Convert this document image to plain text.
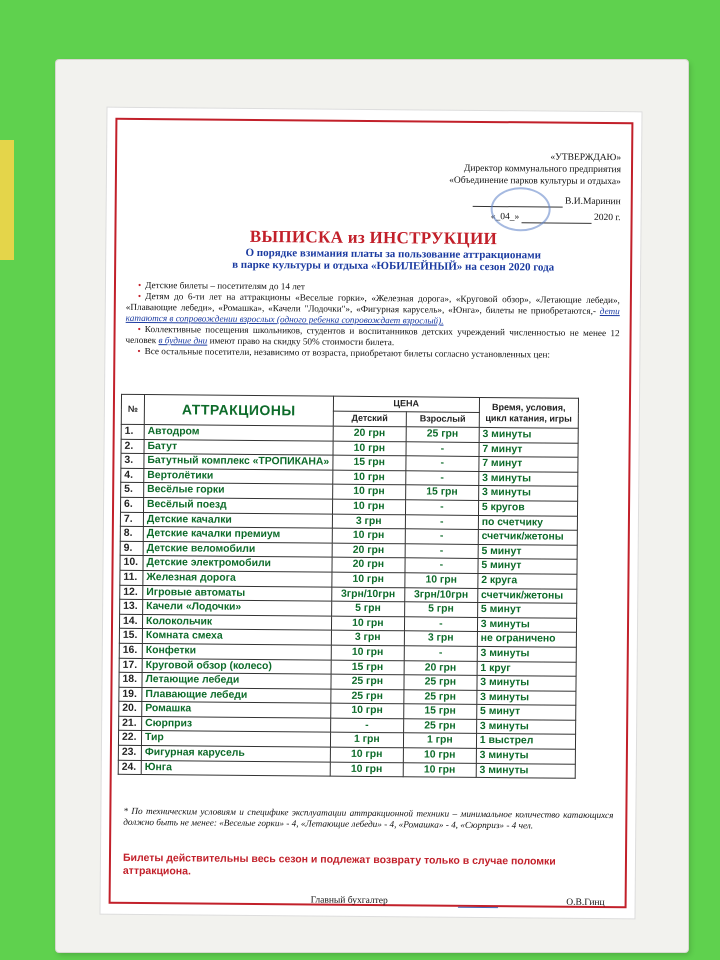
«УТВЕРЖДАЮ»
Директор коммунального предприятия
«Объединение парков культуры и отдыха»
В.И.Маринин
«_04_»	2020 г.
ВЫПИСКА из ИНСТРУКЦИИ
О порядке взимания платы за пользование аттракционами
в парке культуры и отдыха «ЮБИЛЕЙНЫЙ» на сезон 2020 года

• Детские билеты – посетителям до 14 лет

• Детям до 6-ти лет на аттракционы «Веселые горки», «Железная дорога», «Круговой обзор», «Летающие лебеди», «Плавающие лебеди», «Ромашка», «Качели "Лодочки"», «Фигурная карусель», «Юнга», билеты не приобретаются,- дети катаются в сопровождении взрослых (одного ребенка сопровождает взрослый).

• Коллективные посещения школьников, студентов и воспитанников детских учреждений численностью не менее 12 человек в будние дни имеют право на скидку 50% стоимости билета.

• Все остальные посетители, независимо от возраста, приобретают билеты согласно установленных цен:

№	АТТРАКЦИОНЫ	ЦЕНА		Время, условия, цикл катания, игры
		Детский	Взрослый	
1.	Автодром	20 грн	25 грн	3 минуты
2.	Батут	10 грн	-	7 минут
3.	Батутный комплекс «ТРОПИКАНА»	15 грн	-	7 минут
4.	Вертолётики	10 грн	-	3 минуты
5.	Весёлые горки	10 грн	15 грн	3 минуты
6.	Весёлый поезд	10 грн	-	5 кругов
7.	Детские качалки	3 грн	-	по счетчику
8.	Детские качалки премиум	10 грн	-	счетчик/жетоны
9.	Детские веломобили	20 грн	-	5 минут
10.	Детские электромобили	20 грн	-	5 минут
11.	Железная дорога	10 грн	10 грн	2 круга
12.	Игровые автоматы	3грн/10грн	3грн/10грн	счетчик/жетоны
13.	Качели «Лодочки»	5 грн	5 грн	5 минут
14.	Колокольчик	10 грн	-	3 минуты
15.	Комната смеха	3 грн	3 грн	не ограничено
16.	Конфетки	10 грн	-	3 минуты
17.	Круговой обзор (колесо)	15 грн	20 грн	1 круг
18.	Летающие лебеди	25 грн	25 грн	3 минуты
19.	Плавающие лебеди	25 грн	25 грн	3 минуты
20.	Ромашка	10 грн	15 грн	5 минут
21.	Сюрприз	-	25 грн	3 минуты
22.	Тир	1 грн	1 грн	1 выстрел
23.	Фигурная карусель	10 грн	10 грн	3 минуты
24.	Юнга	10 грн	10 грн	3 минуты
* По техническим условиям и специфике эксплуатации аттракционной техники – минимальное количество катающихся должно быть не менее: «Веселые горки» - 4, «Летающие лебеди» - 4, «Ромашка» - 4, «Сюрприз» - 4 чел.
Билеты действительны весь сезон и подлежат возврату только в случае поломки аттракциона.
Главный бухгалтер	О.В.Гинц
